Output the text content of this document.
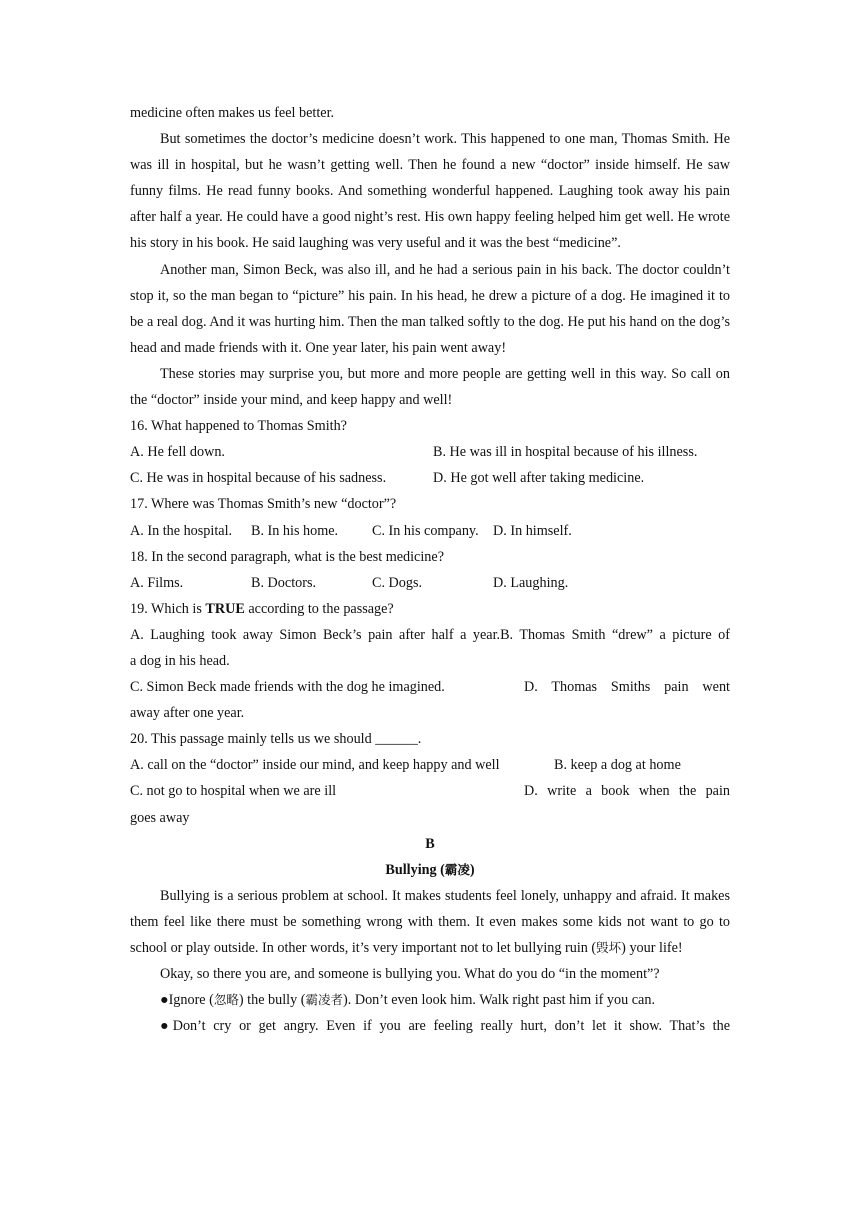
medicine often makes us feel better.

But sometimes the doctor’s medicine doesn’t work. This happened to one man, Thomas Smith. He was ill in hospital, but he wasn’t getting well. Then he found a new “doctor” inside himself. He saw funny films. He read funny books. And something wonderful happened. Laughing took away his pain after half a year. He could have a good night’s rest. His own happy feeling helped him get well. He wrote his story in his book. He said laughing was very useful and it was the best “medicine”.

Another man, Simon Beck, was also ill, and he had a serious pain in his back. The doctor couldn’t stop it, so the man began to “picture” his pain. In his head, he drew a picture of a dog. He imagined it to be a real dog. And it was hurting him. Then the man talked softly to the dog. He put his hand on the dog’s head and made friends with it. One year later, his pain went away!

These stories may surprise you, but more and more people are getting well in this way. So call on the “doctor” inside your mind, and keep happy and well!

16. What happened to Thomas Smith?

A. He fell down.	B. He was ill in hospital because of his illness.
C. He was in hospital because of his sadness.	D. He got well after taking medicine.

17. Where was Thomas Smith’s new “doctor”?

A. In the hospital.	B. In his home.	C. In his company.	D. In himself.

18. In the second paragraph, what is the best medicine?

A. Films.	B. Doctors.	C. Dogs.	D. Laughing.

19. Which is TRUE according to the passage?

A. Laughing took away Simon Beck’s pain after half a year.B. Thomas Smith “drew” a picture of

a dog in his head.

C. Simon Beck made friends with the dog he imagined.	D. Thomas Smiths pain went

away after one year.

20. This passage mainly tells us we should ______.

A. call on the “doctor” inside our mind, and keep happy and well	B. keep a dog at home
C. not go to hospital when we are ill	D. write a book when the pain

goes away

B

Bullying (霸凌)

Bullying is a serious problem at school. It makes students feel lonely, unhappy and afraid. It makes them feel like there must be something wrong with them. It even makes some kids not want to go to school or play outside. In other words, it’s very important not to let bullying ruin (毁坏) your life!

Okay, so there you are, and someone is bullying you. What do you do “in the moment”?

●Ignore (忽略) the bully (霸凌者). Don’t even look him. Walk right past him if you can.

●Don’t cry or get angry. Even if you are feeling really hurt, don’t let it show. That’s the
